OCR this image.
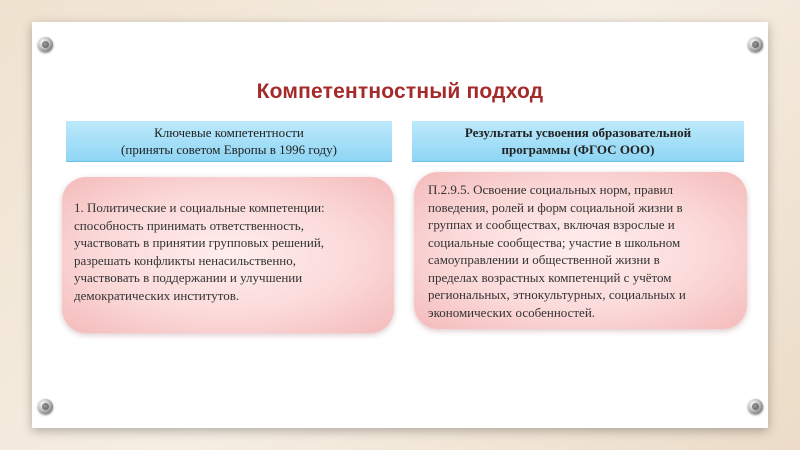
Компетентностный подход
Ключевые компетентности
(приняты советом Европы в 1996 году)
Результаты усвоения образовательной
программы (ФГОС ООО)

1. Политические и социальные компетенции:
способность принимать ответственность,
участвовать в принятии групповых решений,
разрешать конфликты ненасильственно,
участвовать в поддержании и улучшении
демократических институтов.

П.2.9.5. Освоение социальных норм, правил
поведения, ролей и форм социальной жизни в
группах и сообществах, включая взрослые и
социальные сообщества; участие в школьном
самоуправлении и общественной жизни в
пределах возрастных компетенций с учётом
региональных, этнокультурных, социальных и
экономических особенностей.
